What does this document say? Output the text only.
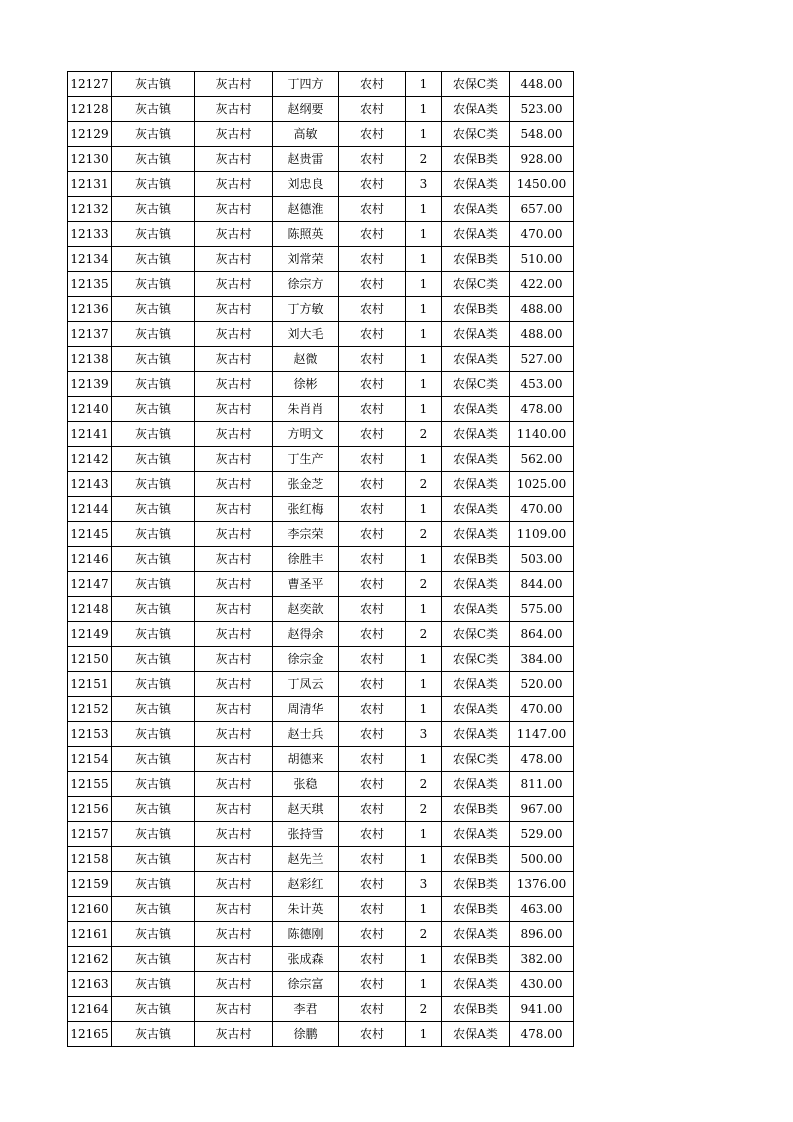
12127	灰古镇	灰古村	丁四方	农村	1	农保C类	448.00
12128	灰古镇	灰古村	赵纲要	农村	1	农保A类	523.00
12129	灰古镇	灰古村	高敏	农村	1	农保C类	548.00
12130	灰古镇	灰古村	赵贵雷	农村	2	农保B类	928.00
12131	灰古镇	灰古村	刘忠良	农村	3	农保A类	1450.00
12132	灰古镇	灰古村	赵德淮	农村	1	农保A类	657.00
12133	灰古镇	灰古村	陈照英	农村	1	农保A类	470.00
12134	灰古镇	灰古村	刘常荣	农村	1	农保B类	510.00
12135	灰古镇	灰古村	徐宗方	农村	1	农保C类	422.00
12136	灰古镇	灰古村	丁方敏	农村	1	农保B类	488.00
12137	灰古镇	灰古村	刘大毛	农村	1	农保A类	488.00
12138	灰古镇	灰古村	赵微	农村	1	农保A类	527.00
12139	灰古镇	灰古村	徐彬	农村	1	农保C类	453.00
12140	灰古镇	灰古村	朱肖肖	农村	1	农保A类	478.00
12141	灰古镇	灰古村	方明文	农村	2	农保A类	1140.00
12142	灰古镇	灰古村	丁生产	农村	1	农保A类	562.00
12143	灰古镇	灰古村	张金芝	农村	2	农保A类	1025.00
12144	灰古镇	灰古村	张红梅	农村	1	农保A类	470.00
12145	灰古镇	灰古村	李宗荣	农村	2	农保A类	1109.00
12146	灰古镇	灰古村	徐胜丰	农村	1	农保B类	503.00
12147	灰古镇	灰古村	曹圣平	农村	2	农保A类	844.00
12148	灰古镇	灰古村	赵奕歆	农村	1	农保A类	575.00
12149	灰古镇	灰古村	赵得余	农村	2	农保C类	864.00
12150	灰古镇	灰古村	徐宗金	农村	1	农保C类	384.00
12151	灰古镇	灰古村	丁凤云	农村	1	农保A类	520.00
12152	灰古镇	灰古村	周清华	农村	1	农保A类	470.00
12153	灰古镇	灰古村	赵士兵	农村	3	农保A类	1147.00
12154	灰古镇	灰古村	胡德来	农村	1	农保C类	478.00
12155	灰古镇	灰古村	张稳	农村	2	农保A类	811.00
12156	灰古镇	灰古村	赵天琪	农村	2	农保B类	967.00
12157	灰古镇	灰古村	张持雪	农村	1	农保A类	529.00
12158	灰古镇	灰古村	赵先兰	农村	1	农保B类	500.00
12159	灰古镇	灰古村	赵彩红	农村	3	农保B类	1376.00
12160	灰古镇	灰古村	朱计英	农村	1	农保B类	463.00
12161	灰古镇	灰古村	陈德刚	农村	2	农保A类	896.00
12162	灰古镇	灰古村	张成森	农村	1	农保B类	382.00
12163	灰古镇	灰古村	徐宗富	农村	1	农保A类	430.00
12164	灰古镇	灰古村	李君	农村	2	农保B类	941.00
12165	灰古镇	灰古村	徐鹏	农村	1	农保A类	478.00
